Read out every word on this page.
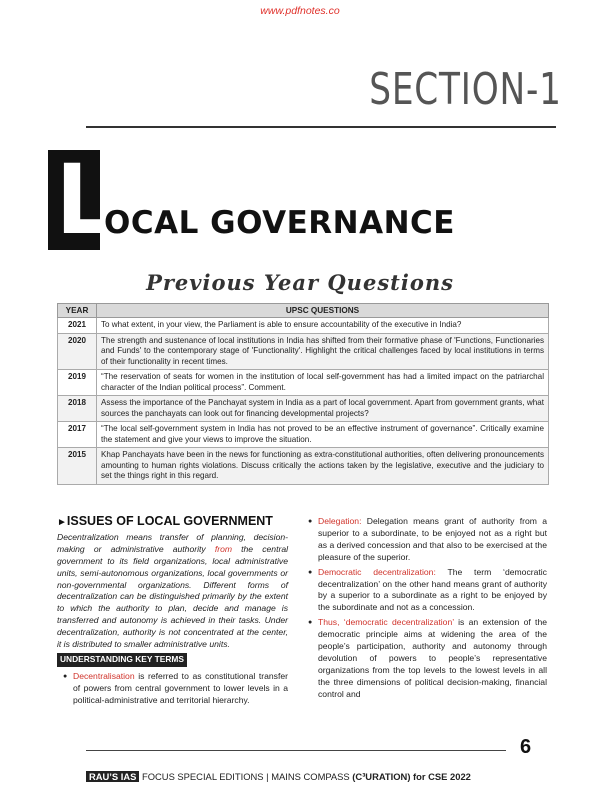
www.pdfnotes.co
SECTION-1
L
OCAL GOVERNANCE
Previous Year Questions
YEAR	UPSC QUESTIONS
2021	To what extent, in your view, the Parliament is able to ensure accountability of the executive in India?
2020	The strength and sustenance of local institutions in India has shifted from their formative phase of 'Functions, Functionaries and Funds' to the contemporary stage of 'Functionality'. Highlight the critical challenges faced by local institutions in terms of their functionality in recent times.
2019	“The reservation of seats for women in the institution of local self-government has had a limited impact on the patriarchal character of the Indian political process”. Comment.
2018	Assess the importance of the Panchayat system in India as a part of local government. Apart from government grants, what sources the panchayats can look out for financing developmental projects?
2017	“The local self-government system in India has not proved to be an effective instrument of governance”. Critically examine the statement and give your views to improve the situation.
2015	Khap Panchayats have been in the news for functioning as extra-constitutional authorities, often delivering pronouncements amounting to human rights violations. Discuss critically the actions taken by the legislative, executive and the judiciary to set the things right in this regard.

►ISSUES OF LOCAL GOVERNMENT

Decentralization means transfer of planning, decision-making or administrative authority from the central government to its field organizations, local administrative units, semi-autonomous organizations, local governments or non-governmental organizations. Different forms of decentralization can be distinguished primarily by the extent to which the authority to plan, decide and manage is transferred and autonomy is achieved in their tasks. Under decentralization, authority is not concentrated at the center, it is distributed to smaller administrative units.

UNDERSTANDING KEY TERMS
● Decentralisation is referred to as constitutional transfer of powers from central government to lower levels in a political-administrative and territorial hierarchy.
● Delegation: Delegation means grant of authority from a superior to a subordinate, to be enjoyed not as a right but as a derived concession and that also to be exercised at the pleasure of the superior.
● Democratic decentralization: The term ‘democratic decentralization’ on the other hand means grant of authority by a superior to a subordinate as a right to be enjoyed by the subordinate and not as a concession.
● Thus, ‘democratic decentralization’ is an extension of the democratic principle aims at widening the area of the people’s participation, authority and autonomy through devolution of powers to people’s representative organizations from the top levels to the lowest levels in all the three dimensions of political decision-making, financial control and
6
RAU’S IAS FOCUS SPECIAL EDITIONS | MAINS COMPASS (C³URATION) for CSE 2022
